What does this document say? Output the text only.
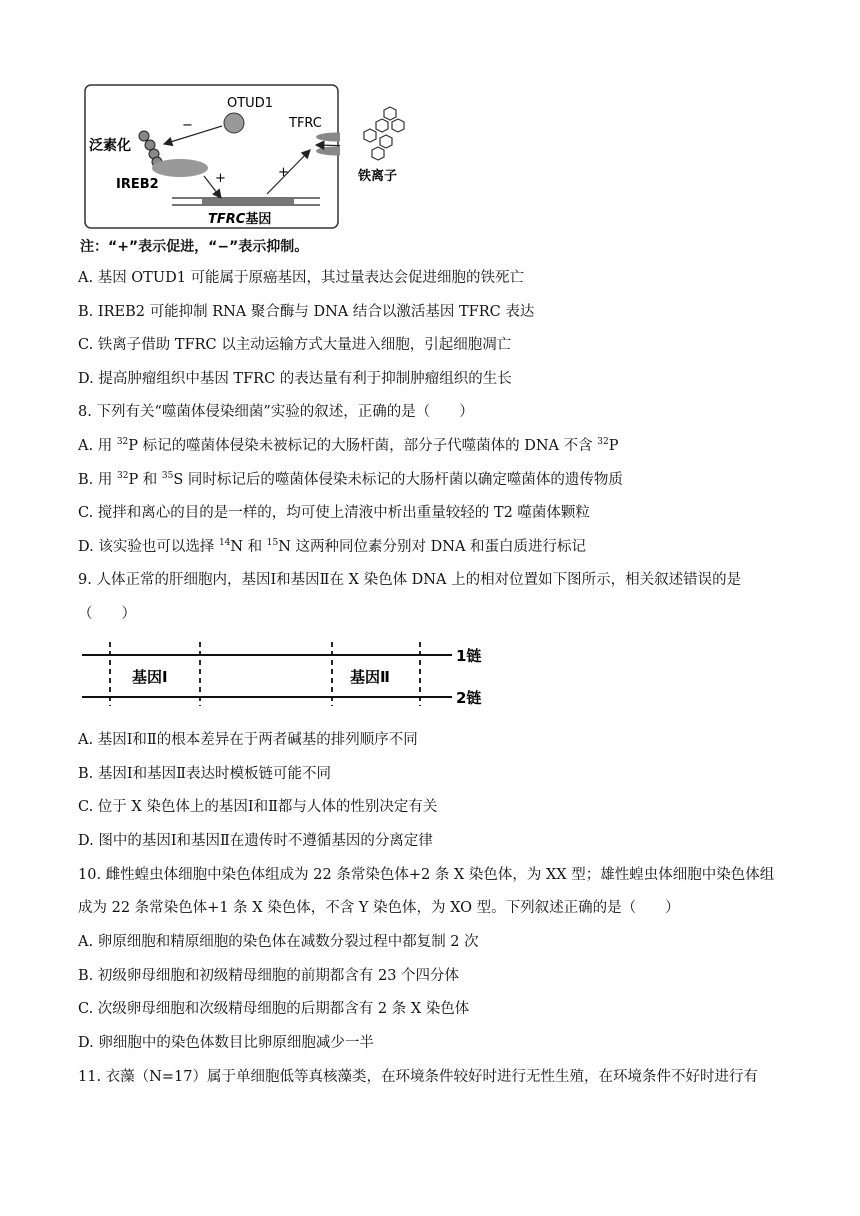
OTUD1
−
泛素化
IREB2	+
TFRC基因
+
TFRC
铁离子
注：“+”表示促进，“−”表示抑制。
A. 基因 OTUD1 可能属于原癌基因，其过量表达会促进细胞的铁死亡
B. IREB2 可能抑制 RNA 聚合酶与 DNA 结合以激活基因 TFRC 表达
C. 铁离子借助 TFRC 以主动运输方式大量进入细胞，引起细胞凋亡
D. 提高肿瘤组织中基因 TFRC 的表达量有利于抑制肿瘤组织的生长
8. 下列有关“噬菌体侵染细菌”实验的叙述，正确的是（　　）
A. 用 $^{32}$P 标记的噬菌体侵染未被标记的大肠杆菌，部分子代噬菌体的 DNA 不含 $^{32}$P
B. 用 $^{32}$P 和 $^{35}$S 同时标记后的噬菌体侵染未标记的大肠杆菌以确定噬菌体的遗传物质
C. 搅拌和离心的目的是一样的，均可使上清液中析出重量较轻的 T2 噬菌体颗粒
D. 该实验也可以选择 $^{14}$N 和 $^{15}$N 这两种同位素分别对 DNA 和蛋白质进行标记
9. 人体正常的肝细胞内，基因Ⅰ和基因Ⅱ在 X 染色体 DNA 上的相对位置如下图所示，相关叙述错误的是
（　　）
基因Ⅰ	基因Ⅱ
1链
2链
A. 基因Ⅰ和Ⅱ的根本差异在于两者碱基的排列顺序不同
B. 基因Ⅰ和基因Ⅱ表达时模板链可能不同
C. 位于 X 染色体上的基因Ⅰ和Ⅱ都与人体的性别决定有关
D. 图中的基因Ⅰ和基因Ⅱ在遗传时不遵循基因的分离定律
10. 雌性蝗虫体细胞中染色体组成为 22 条常染色体+2 条 X 染色体，为 XX 型；雄性蝗虫体细胞中染色体组
成为 22 条常染色体+1 条 X 染色体，不含 Y 染色体，为 XO 型。下列叙述正确的是（　　）
A. 卵原细胞和精原细胞的染色体在减数分裂过程中都复制 2 次
B. 初级卵母细胞和初级精母细胞的前期都含有 23 个四分体
C. 次级卵母细胞和次级精母细胞的后期都含有 2 条 X 染色体
D. 卵细胞中的染色体数目比卵原细胞减少一半
11. 衣藻（N=17）属于单细胞低等真核藻类，在环境条件较好时进行无性生殖，在环境条件不好时进行有
